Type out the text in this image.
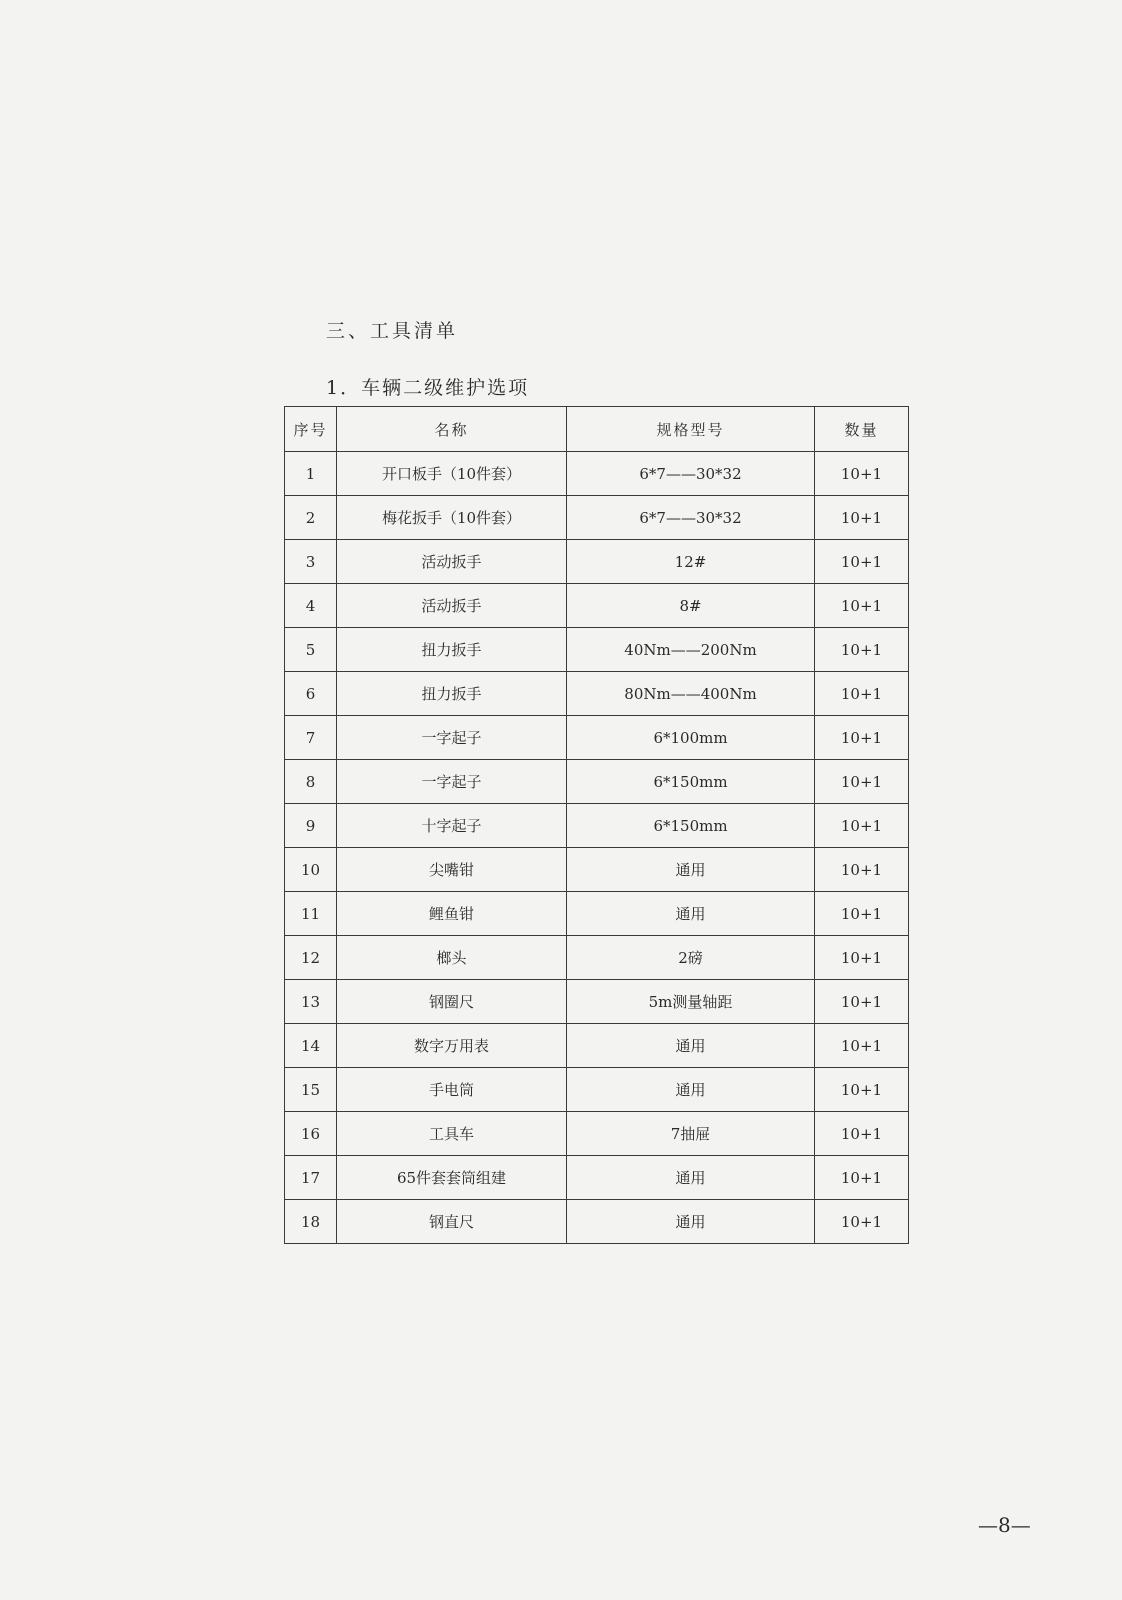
三、工具清单
1．车辆二级维护选项
序号	名称	规格型号	数量
1	开口板手（10件套）	6*7——30*32	10+1
2	梅花扳手（10件套）	6*7——30*32	10+1
3	活动扳手	12#	10+1
4	活动扳手	8#	10+1
5	扭力扳手	40Nm——200Nm	10+1
6	扭力扳手	80Nm——400Nm	10+1
7	一字起子	6*100mm	10+1
8	一字起子	6*150mm	10+1
9	十字起子	6*150mm	10+1
10	尖嘴钳	通用	10+1
11	鲤鱼钳	通用	10+1
12	榔头	2磅	10+1
13	钢圈尺	5m测量轴距	10+1
14	数字万用表	通用	10+1
15	手电筒	通用	10+1
16	工具车	7抽屉	10+1
17	65件套套筒组建	通用	10+1
18	钢直尺	通用	10+1
—8—
